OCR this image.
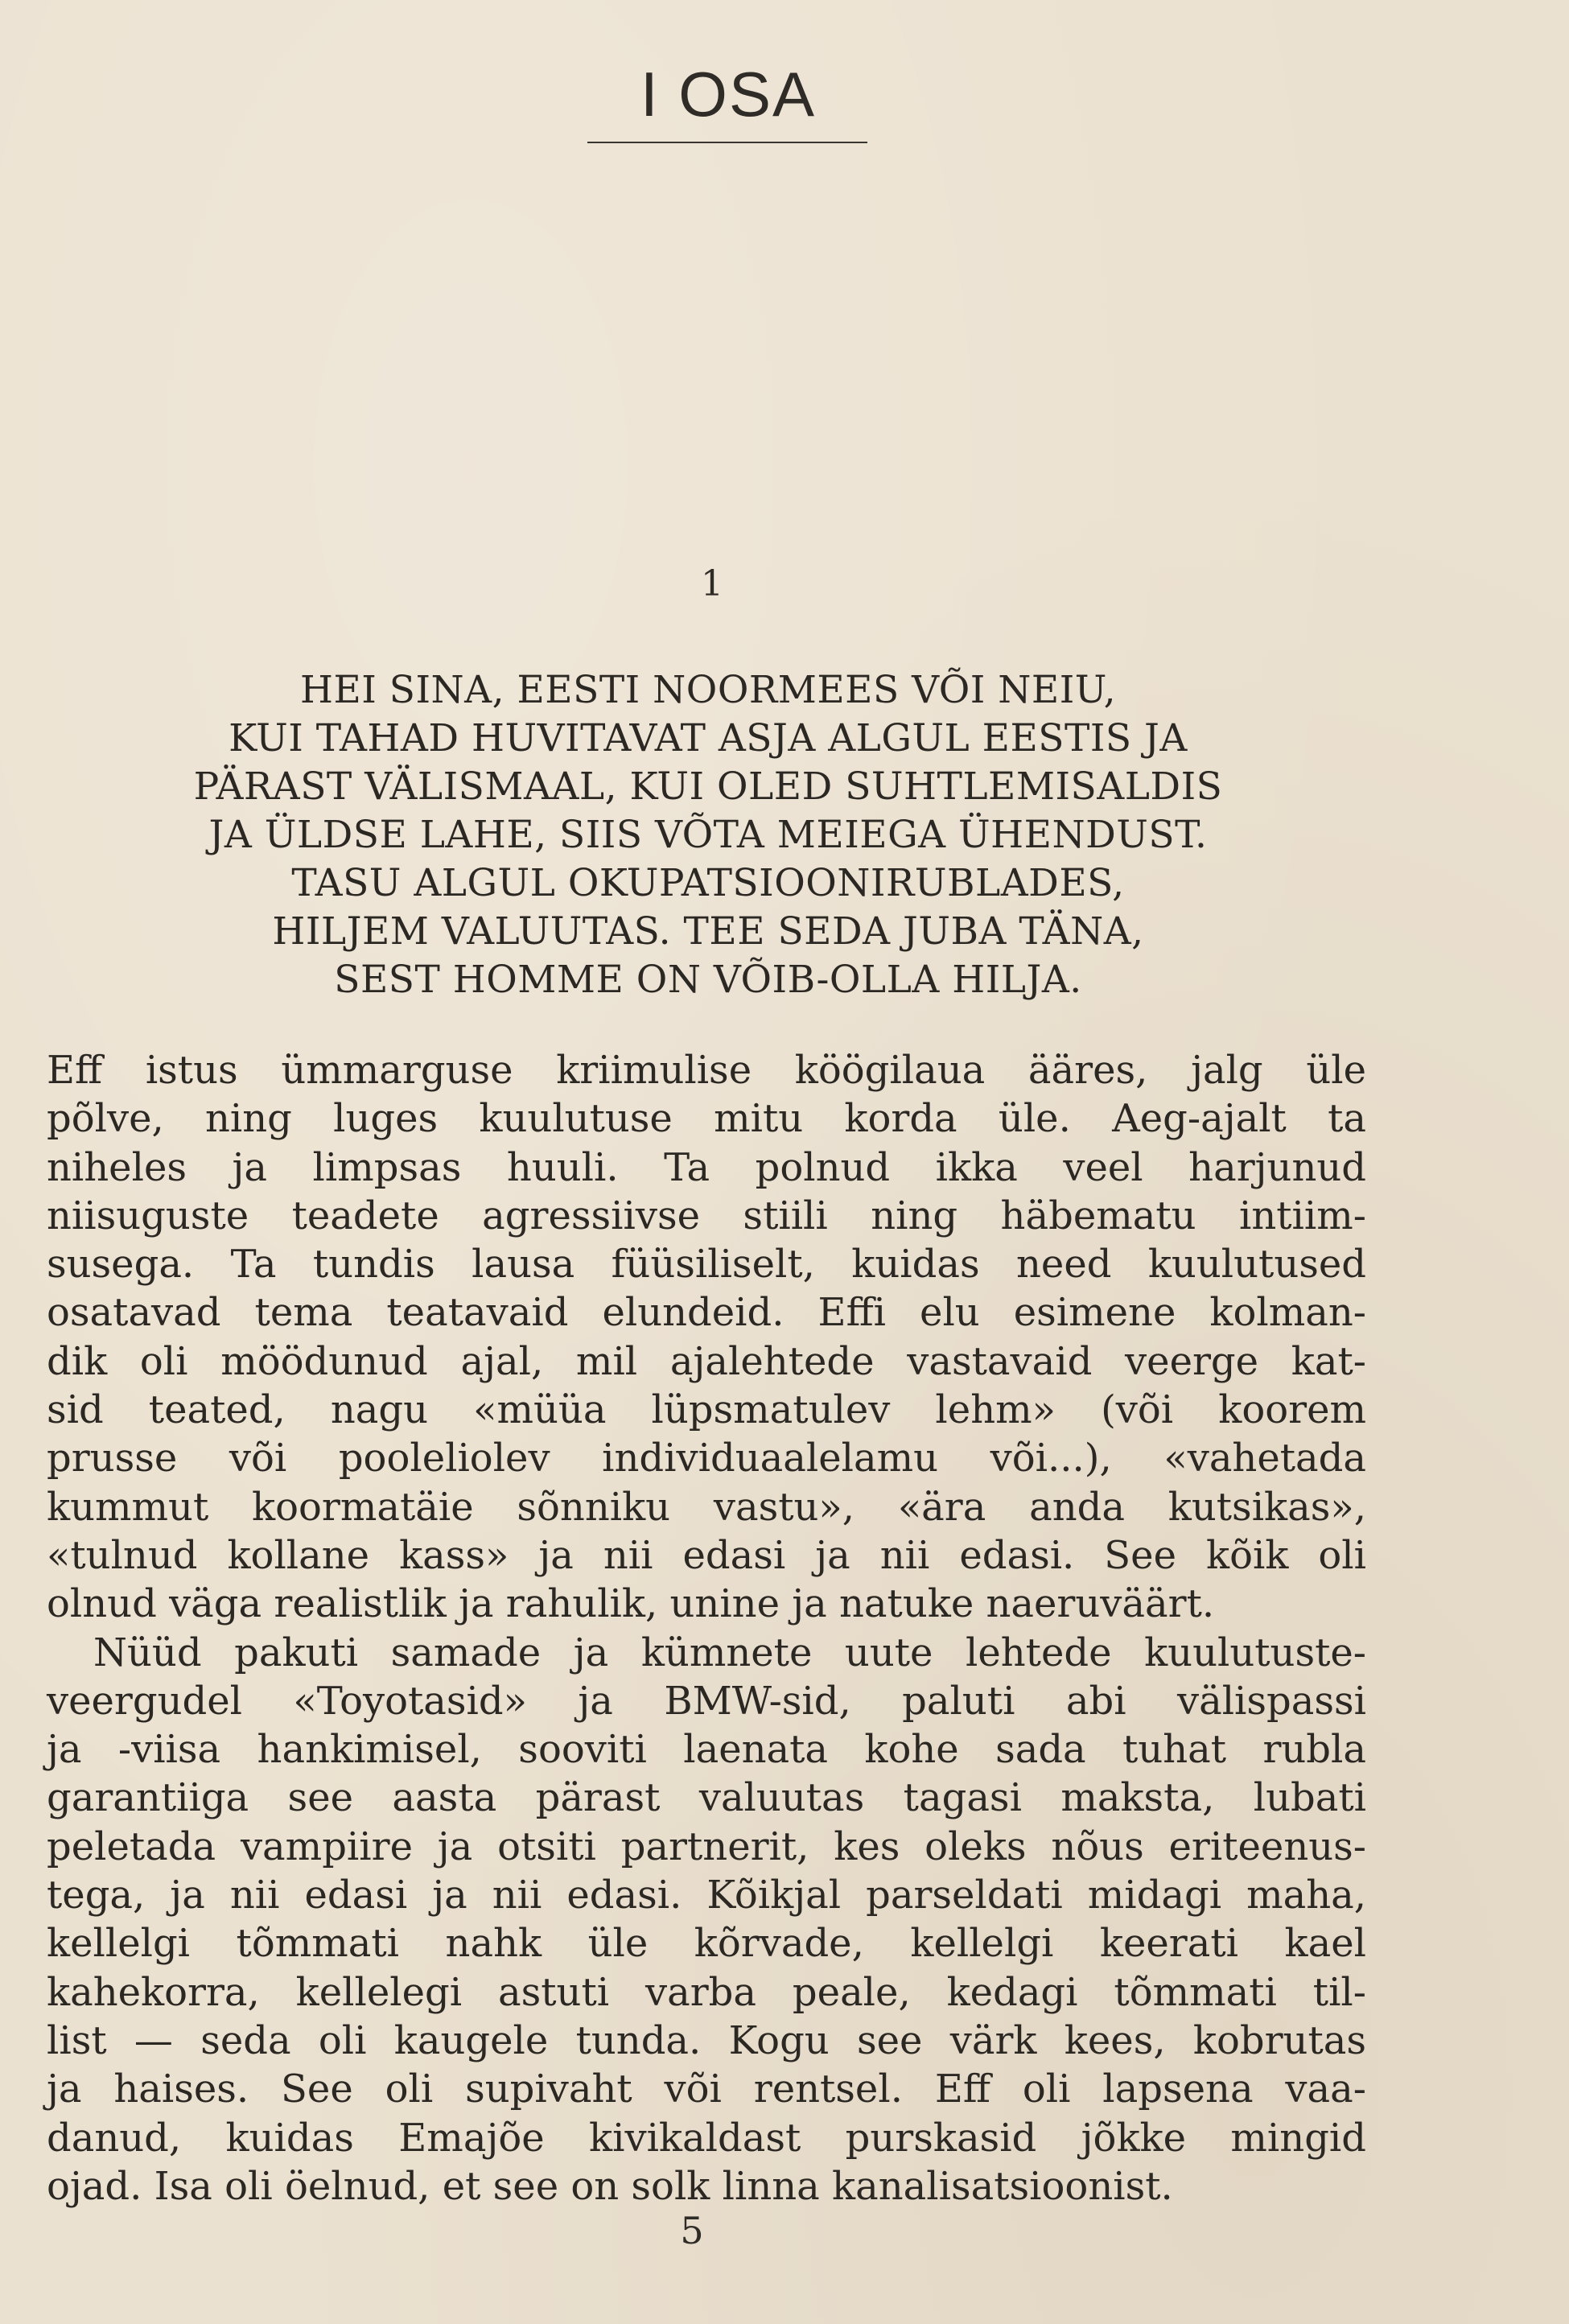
I OSA
1
HEI SINA, EESTI NOORMEES VÕI NEIU,
KUI TAHAD HUVITAVAT ASJA ALGUL EESTIS JA
PÄRAST VÄLISMAAL, KUI OLED SUHTLEMISALDIS
JA ÜLDSE LAHE, SIIS VÕTA MEIEGA ÜHENDUST.
TASU ALGUL OKUPATSIOONIRUBLADES,
HILJEM VALUUTAS. TEE SEDA JUBA TÄNA,
SEST HOMME ON VÕIB-OLLA HILJA.
Eff istus ümmarguse kriimulise köögilaua ääres, jalg üle
põlve, ning luges kuulutuse mitu korda üle. Aeg-ajalt ta
niheles ja limpsas huuli. Ta polnud ikka veel harjunud
niisuguste teadete agressiivse stiili ning häbematu intiim-
susega. Ta tundis lausa füüsiliselt, kuidas need kuulutused
osatavad tema teatavaid elundeid. Effi elu esimene kolman-
dik oli möödunud ajal, mil ajalehtede vastavaid veerge kat-
sid teated, nagu «müüa lüpsmatulev lehm» (või koorem
prusse või pooleliolev individuaalelamu või...), «vahetada
kummut koormatäie sõnniku vastu», «ära anda kutsikas»,
«tulnud kollane kass» ja nii edasi ja nii edasi. See kõik oli
olnud väga realistlik ja rahulik, unine ja natuke naeruväärt.
Nüüd pakuti samade ja kümnete uute lehtede kuulutuste-
veergudel «Toyotasid» ja BMW-sid, paluti abi välispassi
ja -viisa hankimisel, sooviti laenata kohe sada tuhat rubla
garantiiga see aasta pärast valuutas tagasi maksta, lubati
peletada vampiire ja otsiti partnerit, kes oleks nõus eriteenus-
tega, ja nii edasi ja nii edasi. Kõikjal parseldati midagi maha,
kellelgi tõmmati nahk üle kõrvade, kellelgi keerati kael
kahekorra, kellelegi astuti varba peale, kedagi tõmmati til-
list — seda oli kaugele tunda. Kogu see värk kees, kobrutas
ja haises. See oli supivaht või rentsel. Eff oli lapsena vaa-
danud, kuidas Emajõe kivikaldast purskasid jõkke mingid
ojad. Isa oli öelnud, et see on solk linna kanalisatsioonist.
5
